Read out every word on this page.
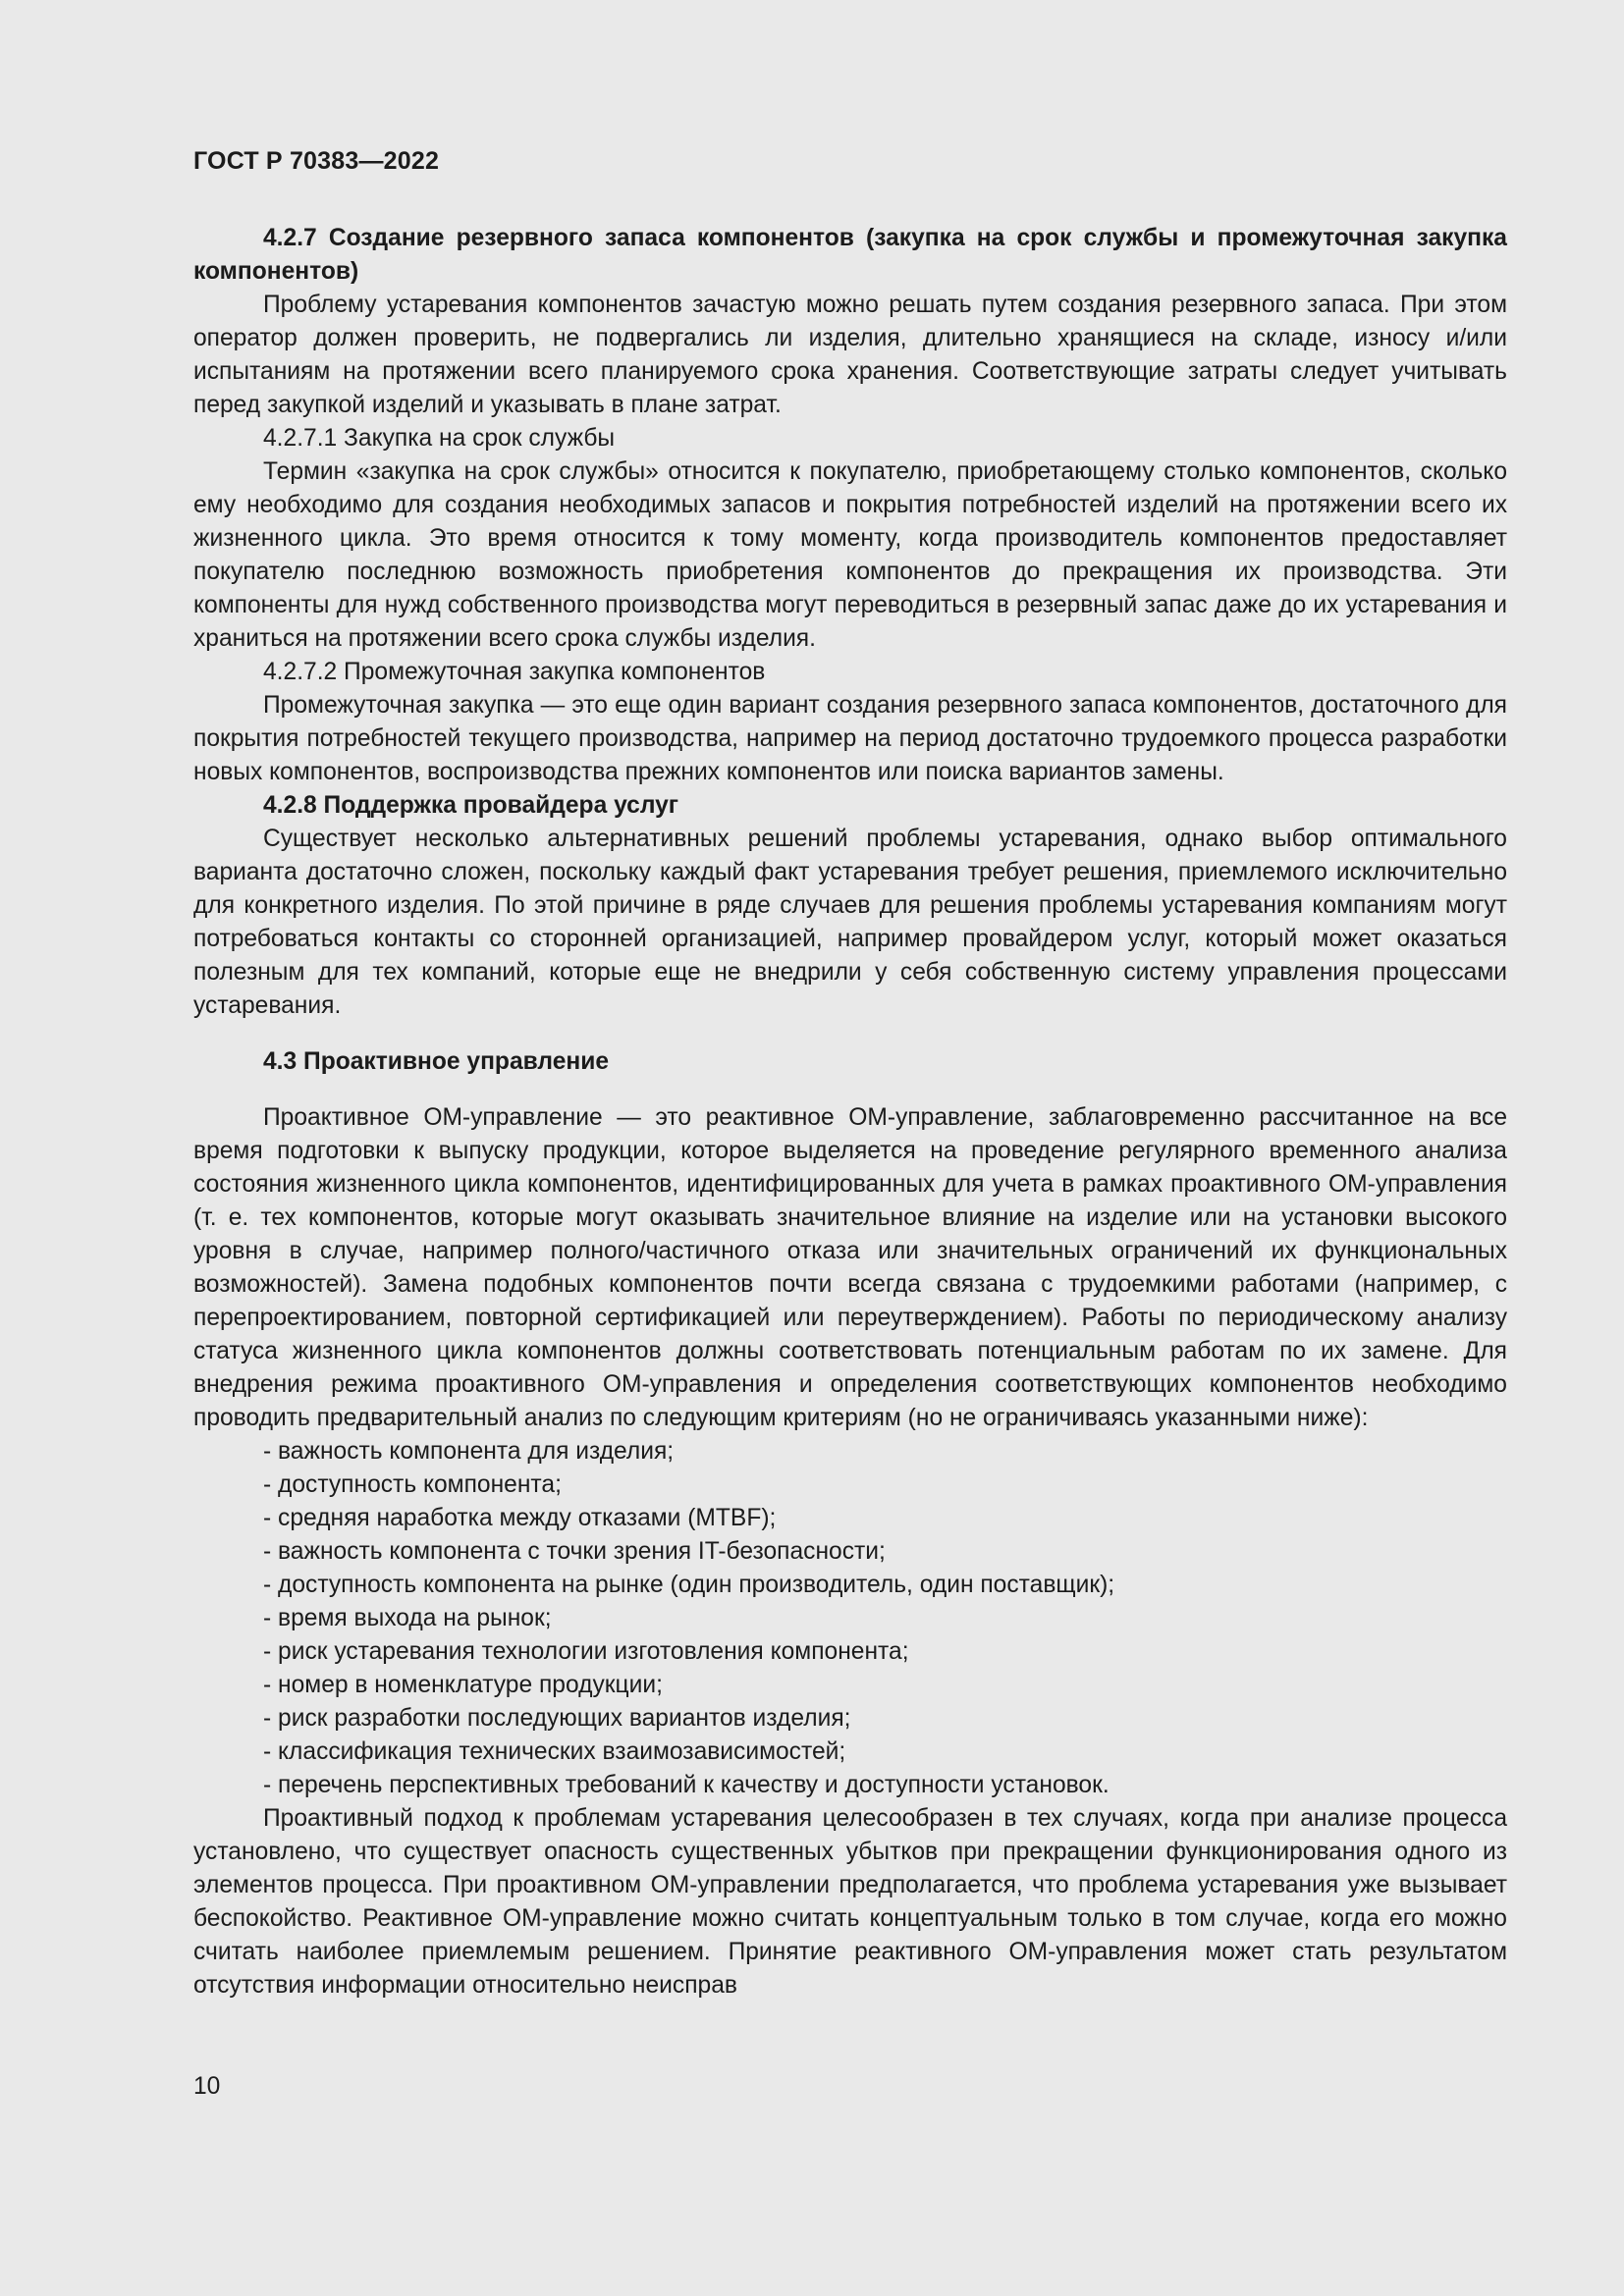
ГОСТ Р 70383—2022

4.2.7 Создание резервного запаса компонентов (закупка на срок службы и промежуточная закупка компонентов)

Проблему устаревания компонентов зачастую можно решать путем создания резервного запаса. При этом оператор должен проверить, не подвергались ли изделия, длительно хранящиеся на складе, износу и/или испытаниям на протяжении всего планируемого срока хранения. Соответствующие затраты следует учитывать перед закупкой изделий и указывать в плане затрат.

4.2.7.1 Закупка на срок службы

Термин «закупка на срок службы» относится к покупателю, приобретающему столько компонентов, сколько ему необходимо для создания необходимых запасов и покрытия потребностей изделий на протяжении всего их жизненного цикла. Это время относится к тому моменту, когда производитель компонентов предоставляет покупателю последнюю возможность приобретения компонентов до прекращения их производства. Эти компоненты для нужд собственного производства могут переводиться в резервный запас даже до их устаревания и храниться на протяжении всего срока службы изделия.

4.2.7.2 Промежуточная закупка компонентов

Промежуточная закупка — это еще один вариант создания резервного запаса компонентов, достаточного для покрытия потребностей текущего производства, например на период достаточно трудоемкого процесса разработки новых компонентов, воспроизводства прежних компонентов или поиска вариантов замены.

4.2.8 Поддержка провайдера услуг

Существует несколько альтернативных решений проблемы устаревания, однако выбор оптимального варианта достаточно сложен, поскольку каждый факт устаревания требует решения, приемлемого исключительно для конкретного изделия. По этой причине в ряде случаев для решения проблемы устаревания компаниям могут потребоваться контакты со сторонней организацией, например провайдером услуг, который может оказаться полезным для тех компаний, которые еще не внедрили у себя собственную систему управления процессами устаревания.

4.3 Проактивное управление

Проактивное ОМ-управление — это реактивное ОМ-управление, заблаговременно рассчитанное на все время подготовки к выпуску продукции, которое выделяется на проведение регулярного временного анализа состояния жизненного цикла компонентов, идентифицированных для учета в рамках проактивного ОМ-управления (т. е. тех компонентов, которые могут оказывать значительное влияние на изделие или на установки высокого уровня в случае, например полного/частичного отказа или значительных ограничений их функциональных возможностей). Замена подобных компонентов почти всегда связана с трудоемкими работами (например, с перепроектированием, повторной сертификацией или переутверждением). Работы по периодическому анализу статуса жизненного цикла компонентов должны соответствовать потенциальным работам по их замене. Для внедрения режима проактивного ОМ-управления и определения соответствующих компонентов необходимо проводить предварительный анализ по следующим критериям (но не ограничиваясь указанными ниже):

- важность компонента для изделия;
- доступность компонента;
- средняя наработка между отказами (MTBF);
- важность компонента с точки зрения IT-безопасности;
- доступность компонента на рынке (один производитель, один поставщик);
- время выхода на рынок;
- риск устаревания технологии изготовления компонента;
- номер в номенклатуре продукции;
- риск разработки последующих вариантов изделия;
- классификация технических взаимозависимостей;
- перечень перспективных требований к качеству и доступности установок.

Проактивный подход к проблемам устаревания целесообразен в тех случаях, когда при анализе процесса установлено, что существует опасность существенных убытков при прекращении функционирования одного из элементов процесса. При проактивном ОМ-управлении предполагается, что проблема устаревания уже вызывает беспокойство. Реактивное ОМ-управление можно считать концептуальным только в том случае, когда его можно считать наиболее приемлемым решением. Принятие реактивного ОМ-управления может стать результатом отсутствия информации относительно неисправ

10
